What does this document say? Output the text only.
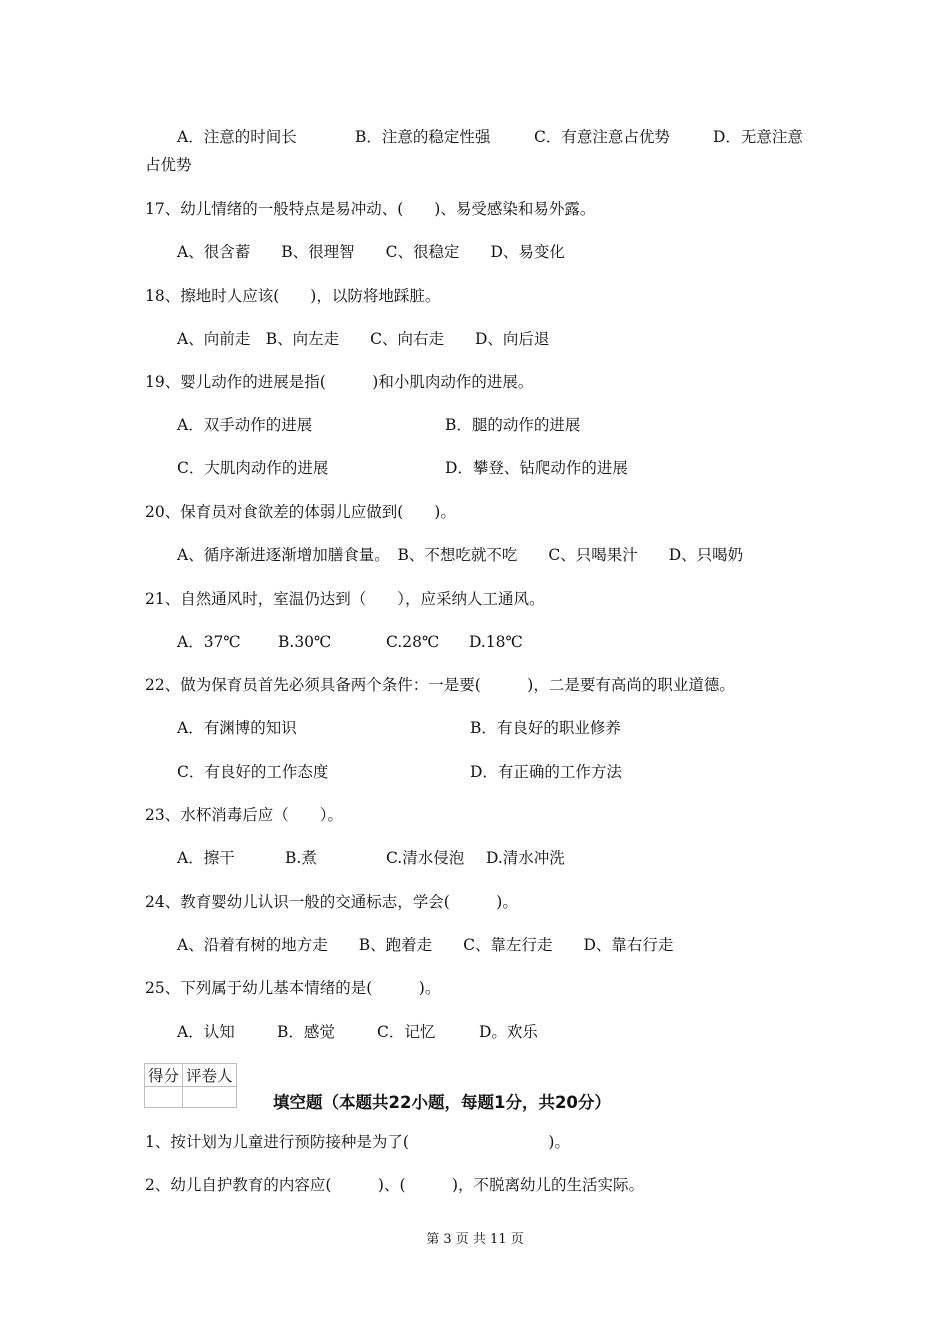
A．注意的时间长	B．注意的稳定性强	C．有意注意占优势	D．无意注意
占优势
17、幼儿情绪的一般特点是易冲动、(　　)、易受感染和易外露。
A、很含蓄　　B、很理智　　C、很稳定　　D、易变化
18、擦地时人应该(　　)，以防将地踩脏。
A、向前走　B、向左走　　C、向右走　　D、向后退
19、婴儿动作的进展是指(　　　)和小肌肉动作的进展。
A．双手动作的进展	B．腿的动作的进展
C．大肌肉动作的进展	D．攀登、钻爬动作的进展
20、保育员对食欲差的体弱儿应做到(　　)。
A、循序渐进逐渐增加膳食量。　B、不想吃就不吃　　C、只喝果汁　　D、只喝奶
21、自然通风时，室温仍达到（　　），应采纳人工通风。
A．37℃ B.30℃	C.28℃ D.18℃
22、做为保育员首先必须具备两个条件：一是要(　　　)，二是要有高尚的职业道德。
A．有渊博的知识	B．有良好的职业修养
C．有良好的工作态度	D．有正确的工作方法
23、水杯消毒后应（　　）。
A．擦干	B.煮	C.清水侵泡 D.清水冲洗
24、教育婴幼儿认识一般的交通标志，学会(　　　)。
A、沿着有树的地方走　　B、跑着走　　C、靠左行走　　D、靠右行走
25、下列属于幼儿基本情绪的是(　　　)。
A．认知	B．感觉	C．记忆	D。欢乐
得分	评卷人

填空题（本题共22小题，每题1分，共20分）
1、按计划为儿童进行预防接种是为了(　　　　　　　　　)。
2、幼儿自护教育的内容应(　　　)、(　　　)，不脱离幼儿的生活实际。
第 3 页 共 11 页
